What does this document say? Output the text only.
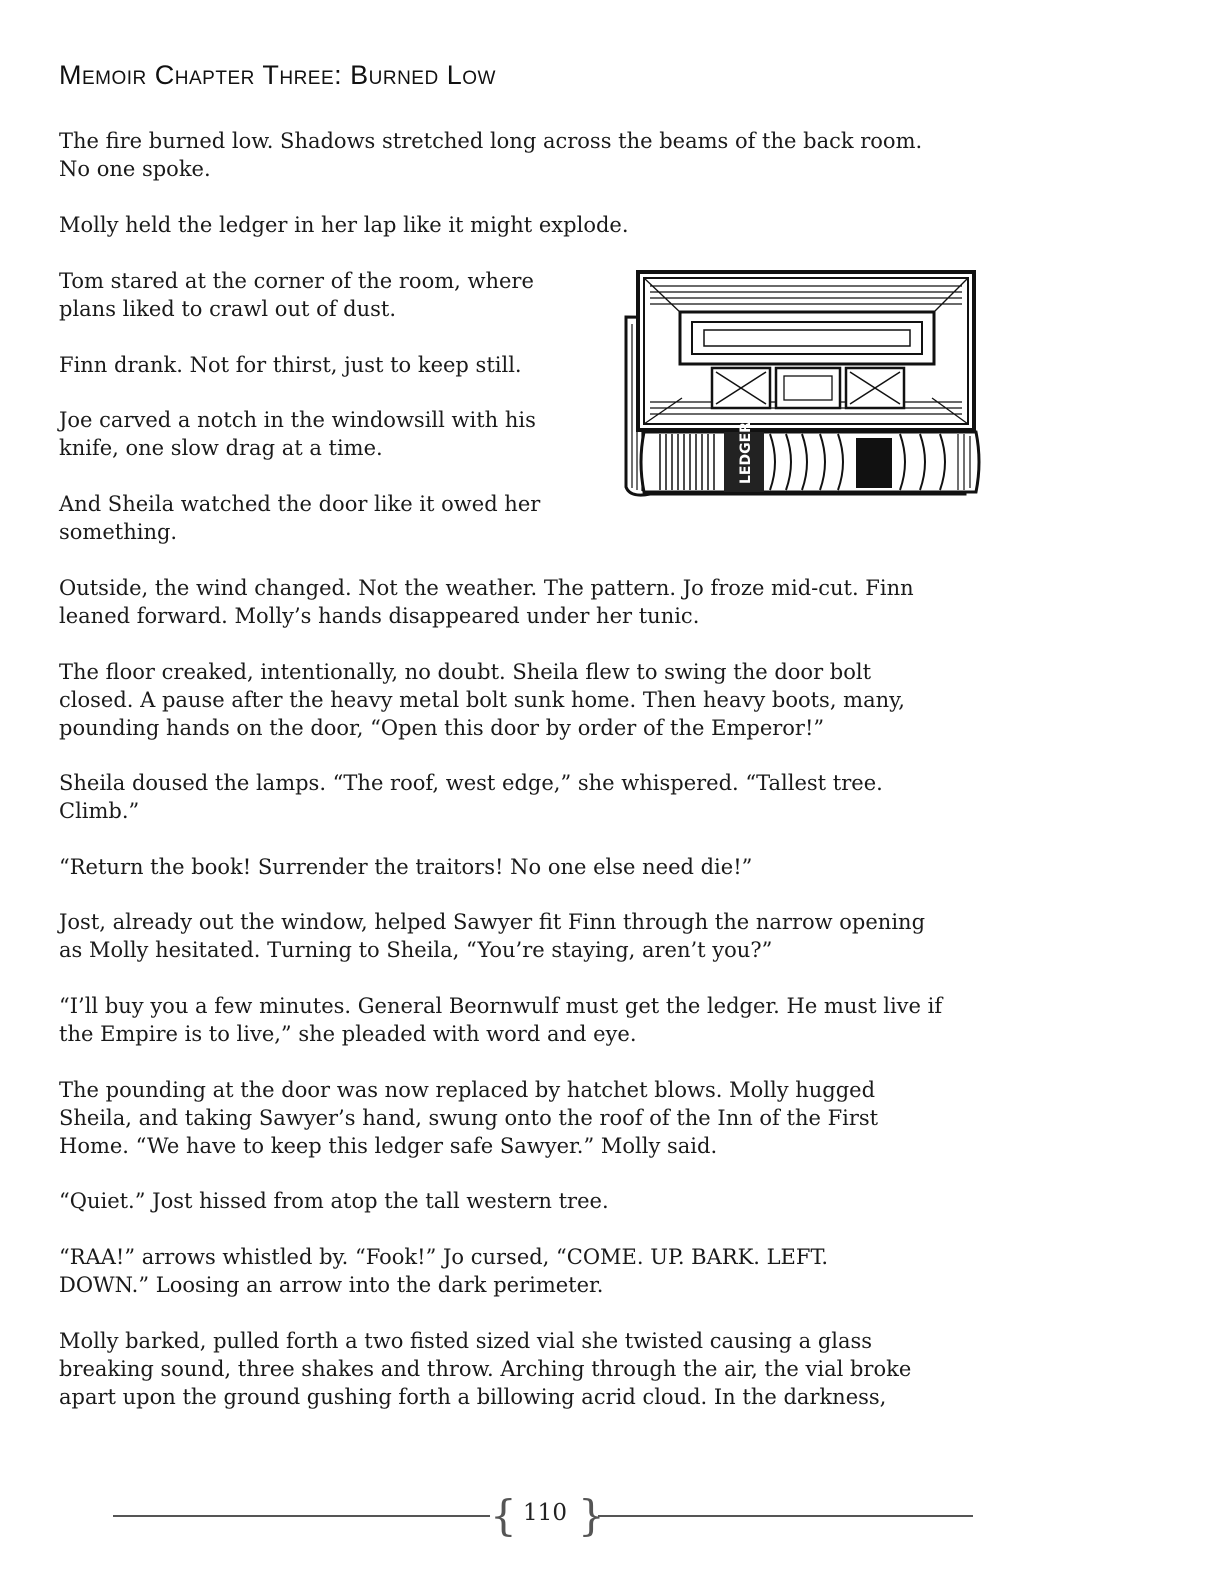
Memoir Chapter Three: Burned Low

The fire burned low. Shadows stretched long across the beams of the back room.
No one spoke.

Molly held the ledger in her lap like it might explode.

Tom stared at the corner of the room, where
plans liked to crawl out of dust.

Finn drank. Not for thirst, just to keep still.

Joe carved a notch in the windowsill with his
knife, one slow drag at a time.

And Sheila watched the door like it owed her
something.

Outside, the wind changed. Not the weather. The pattern. Jo froze mid-cut. Finn
leaned forward. Molly’s hands disappeared under her tunic.

The floor creaked, intentionally, no doubt. Sheila flew to swing the door bolt
closed. A pause after the heavy metal bolt sunk home. Then heavy boots, many,
pounding hands on the door, “Open this door by order of the Emperor!”

Sheila doused the lamps. “The roof, west edge,” she whispered. “Tallest tree.
Climb.”

“Return the book! Surrender the traitors! No one else need die!”

Jost, already out the window, helped Sawyer fit Finn through the narrow opening
as Molly hesitated. Turning to Sheila, “You’re staying, aren’t you?”

“I’ll buy you a few minutes. General Beornwulf must get the ledger. He must live if
the Empire is to live,” she pleaded with word and eye.

The pounding at the door was now replaced by hatchet blows. Molly hugged
Sheila, and taking Sawyer’s hand, swung onto the roof of the Inn of the First
Home. “We have to keep this ledger safe Sawyer.” Molly said.

“Quiet.” Jost hissed from atop the tall western tree.

“RAA!” arrows whistled by. “Fook!” Jo cursed, “COME. UP. BARK. LEFT.
DOWN.” Loosing an arrow into the dark perimeter.

Molly barked, pulled forth a two fisted sized vial she twisted causing a glass
breaking sound, three shakes and throw. Arching through the air, the vial broke
apart upon the ground gushing forth a billowing acrid cloud. In the darkness,

LEDGER
{ }
110
